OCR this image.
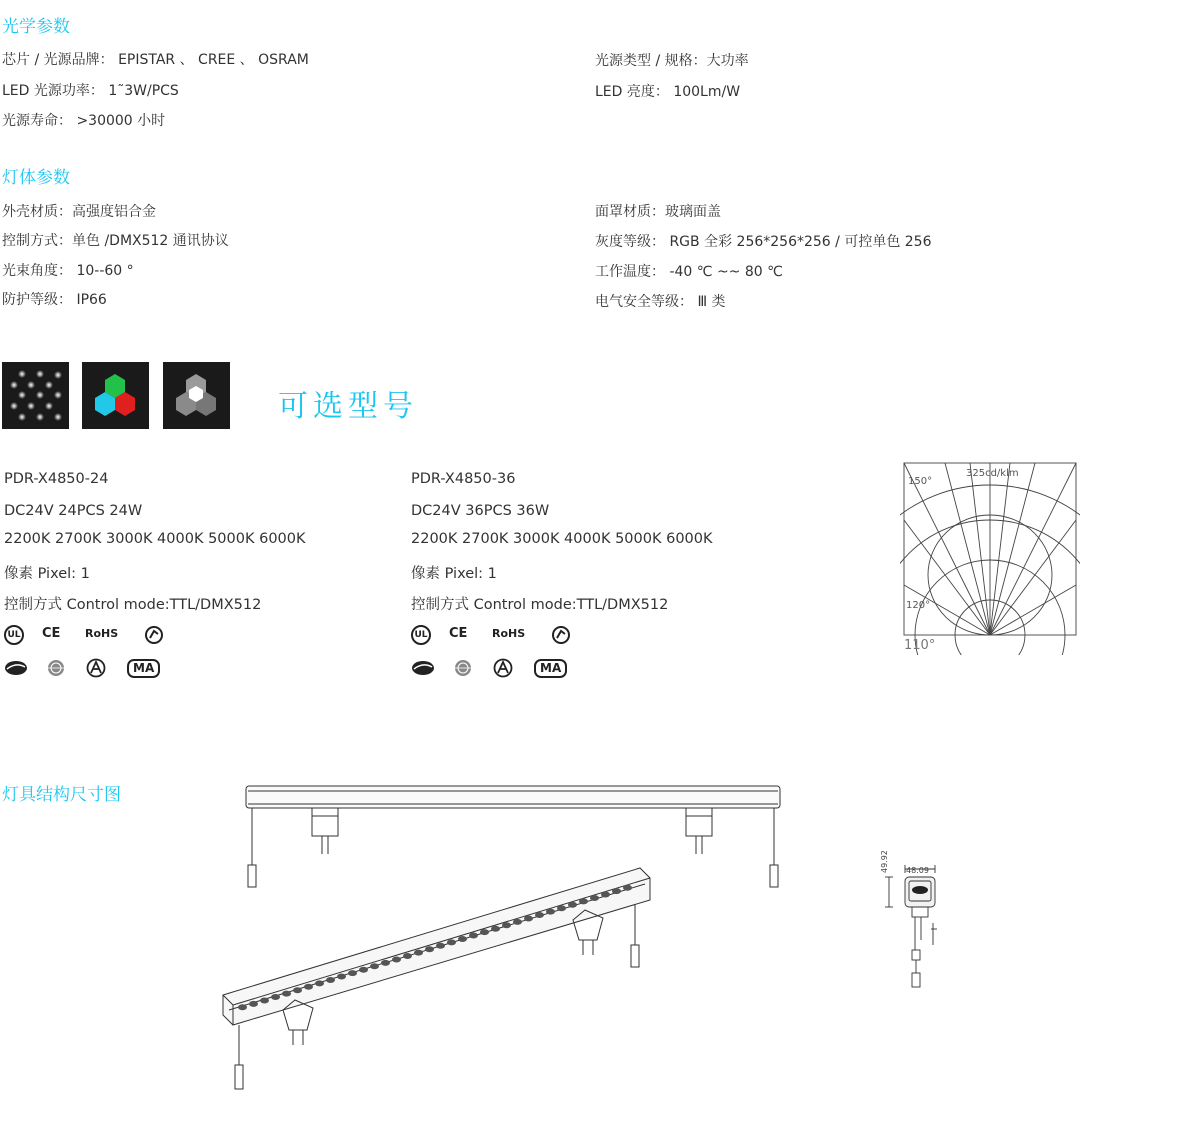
光学参数
芯片 / 光源品牌： EPISTAR 、 CREE 、 OSRAM
LED 光源功率： 1˜3W/PCS
光源寿命： >30000 小时
光源类型 / 规格：大功率
LED 亮度： 100Lm/W
灯体参数
外壳材质：高强度铝合金
控制方式：单色 /DMX512 通讯协议
光束角度： 10--60 °
防护等级： IP66
面罩材质：玻璃面盖
灰度等级： RGB 全彩 256*256*256 / 可控单色 256
工作温度： -40 ℃ ~~ 80 ℃
电气安全等级： Ⅲ 类
可选型号
PDR-X4850-24
DC24V 24PCS 24W
2200K 2700K 3000K 4000K 5000K 6000K
像素 Pixel: 1
控制方式 Control mode:TTL/DMX512
PDR-X4850-36
DC24V 36PCS 36W
2200K 2700K 3000K 4000K 5000K 6000K
像素 Pixel: 1
控制方式 Control mode:TTL/DMX512
UL CE RoHS
MA
UL CE RoHS
MA
325cd/klm
150°
120°
110°
灯具结构尺寸图
49.92 48.09
